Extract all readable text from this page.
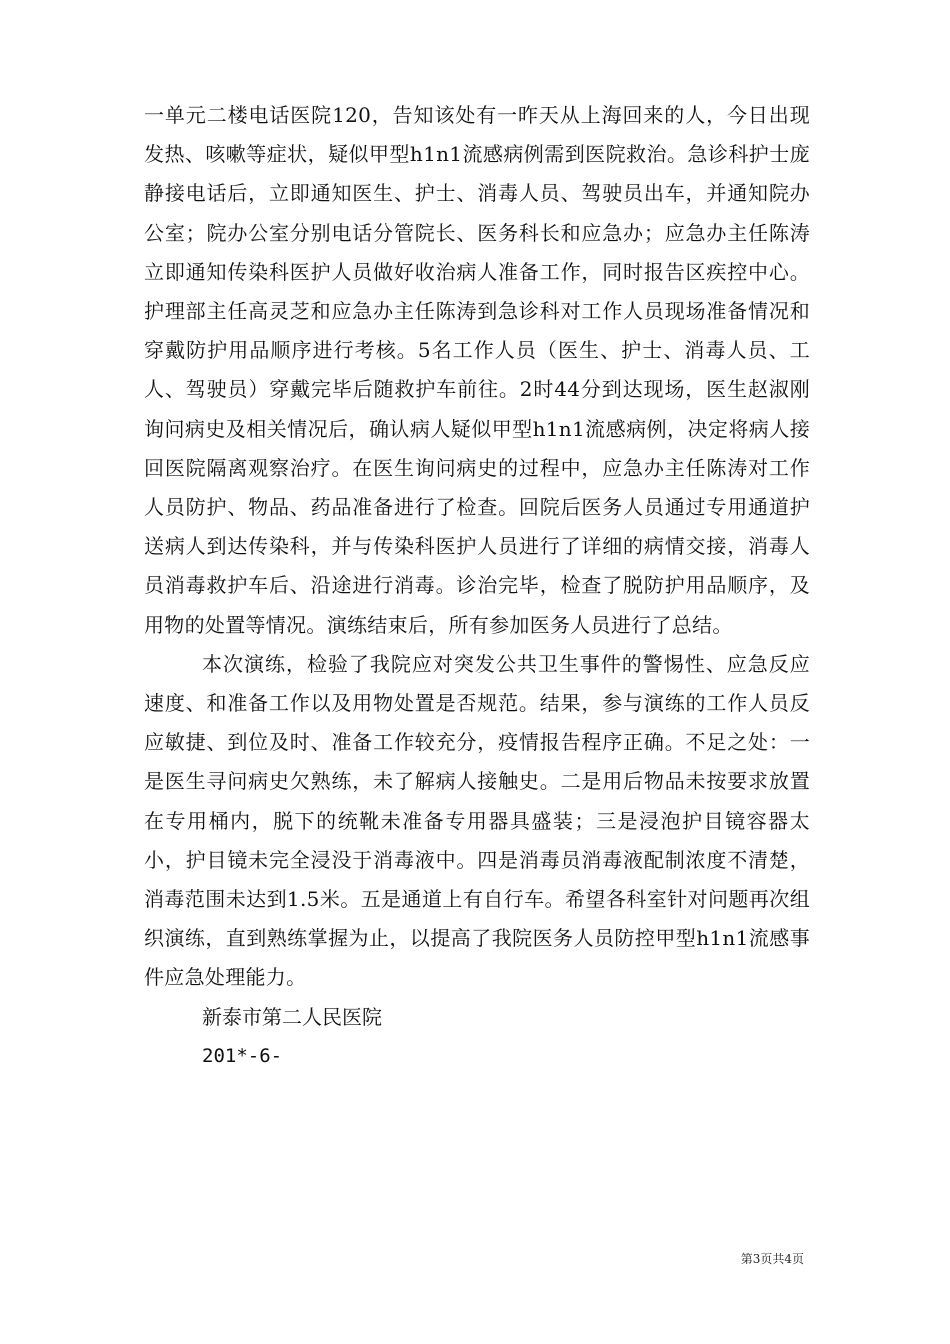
一单元二楼电话医院120，告知该处有一昨天从上海回来的人，今日出现发热、咳嗽等症状，疑似甲型h1n1流感病例需到医院救治。急诊科护士庞静接电话后，立即通知医生、护士、消毒人员、驾驶员出车，并通知院办公室；院办公室分别电话分管院长、医务科长和应急办；应急办主任陈涛立即通知传染科医护人员做好收治病人准备工作，同时报告区疾控中心。护理部主任高灵芝和应急办主任陈涛到急诊科对工作人员现场准备情况和穿戴防护用品顺序进行考核。5名工作人员（医生、护士、消毒人员、工人、驾驶员）穿戴完毕后随救护车前往。2时44分到达现场，医生赵淑刚询问病史及相关情况后，确认病人疑似甲型h1n1流感病例，决定将病人接回医院隔离观察治疗。在医生询问病史的过程中，应急办主任陈涛对工作人员防护、物品、药品准备进行了检查。回院后医务人员通过专用通道护送病人到达传染科，并与传染科医护人员进行了详细的病情交接，消毒人员消毒救护车后、沿途进行消毒。诊治完毕，检查了脱防护用品顺序，及用物的处置等情况。演练结束后，所有参加医务人员进行了总结。

本次演练，检验了我院应对突发公共卫生事件的警惕性、应急反应速度、和准备工作以及用物处置是否规范。结果，参与演练的工作人员反应敏捷、到位及时、准备工作较充分，疫情报告程序正确。不足之处：一是医生寻问病史欠熟练，未了解病人接触史。二是用后物品未按要求放置在专用桶内，脱下的统靴未准备专用器具盛装；三是浸泡护目镜容器太小，护目镜未完全浸没于消毒液中。四是消毒员消毒液配制浓度不清楚，消毒范围未达到1.5米。五是通道上有自行车。希望各科室针对问题再次组织演练，直到熟练掌握为止，以提高了我院医务人员防控甲型h1n1流感事件应急处理能力。

新泰市第二人民医院

201*-6-

第3页共4页
